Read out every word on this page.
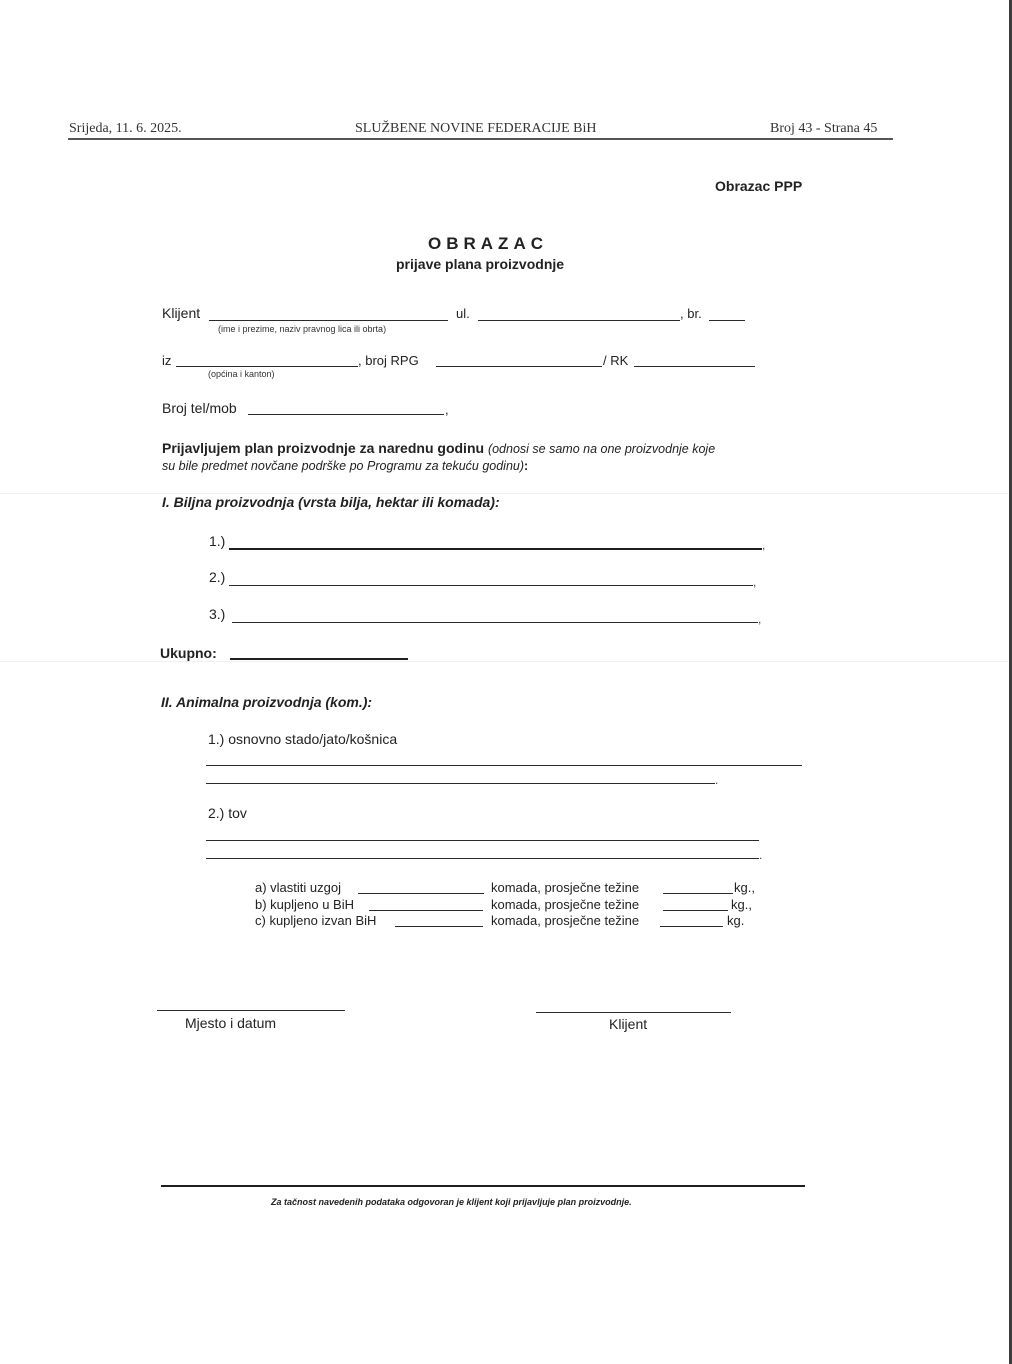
Srijeda, 11. 6. 2025.	SLUŽBENE NOVINE FEDERACIJE BiH	Broj 43 - Strana 45
Obrazac PPP
OBRAZAC
prijave plana proizvodnje
Klijent
(ime i prezime, naziv pravnog lica ili obrta)
ul.	, br.
iz
(općina i kanton)
, broj RPG	/ RK
Broj tel/mob	,
Prijavljujem plan proizvodnje za narednu godinu (odnosi se samo na one proizvodnje koje
su bile predmet novčane podrške po Programu za tekuću godinu):
I. Biljna proizvodnja (vrsta bilja, hektar ili komada):
1.)	,
2.)	,
3.)	,
Ukupno:
II. Animalna proizvodnja (kom.):
1.) osnovno stado/jato/košnica
.
2.) tov
.
a) vlastiti uzgoj	komada, prosječne težine	kg.,
b) kupljeno u BiH	komada, prosječne težine	kg.,
c) kupljeno izvan BiH	komada, prosječne težine	kg.
Mjesto i datum	Klijent
Za tačnost navedenih podataka odgovoran je klijent koji prijavljuje plan proizvodnje.
